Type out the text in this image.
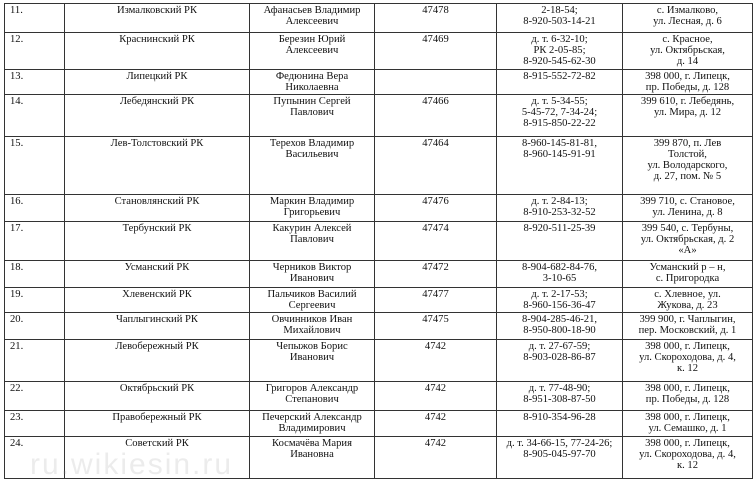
11.	Измалковский РК	Афанасьев Владимир
Алексеевич	47478	2-18-54;
8-920-503-14-21	с. Измалково,
ул. Лесная, д. 6

12.	Краснинский РК	Березин Юрий
Алексеевич	47469	д. т. 6-32-10;
РК 2-05-85;
8-920-545-62-30	с. Красное,
ул. Октябрьская,
д. 14

13.	Липецкий РК	Федюнина Вера
Николаевна		8-915-552-72-82	398 000, г. Липецк,
пр. Победы, д. 128

14.	Лебедянский РК	Пупынин Сергей
Павлович	47466	д. т. 5-34-55;
5-45-72, 7-34-24;
8-915-850-22-22	399 610, г. Лебедянь,
ул. Мира, д. 12

15.	Лев-Толстовский РК	Терехов Владимир
Васильевич	47464	8-960-145-81-81,
8-960-145-91-91	399 870, п. Лев
Толстой,
ул. Володарского,
д. 27, пом. № 5

16.	Становлянский РК	Маркин Владимир
Григорьевич	47476	д. т. 2-84-13;
8-910-253-32-52	399 710, с. Становое,
ул. Ленина, д. 8

17.	Тербунский РК	Какурин Алексей
Павлович	47474	8-920-511-25-39	399 540, с. Тербуны,
ул. Октябрьская, д. 2
«А»

18.	Усманский РК	Черников Виктор
Иванович	47472	8-904-682-84-76,
3-10-65	Усманский р – н,
с. Пригородка

19.	Хлевенский РК	Пальчиков Василий
Сергеевич	47477	д. т. 2-17-53;
8-960-156-36-47	с. Хлевное, ул.
Жукова, д. 23

20.	Чаплыгинский РК	Овчинников Иван
Михайлович	47475	8-904-285-46-21,
8-950-800-18-90	399 900, г. Чаплыгин,
пер. Московский, д. 1

21.	Левобережный РК	Чепыжов Борис
Иванович	4742	д. т. 27-67-59;
8-903-028-86-87	398 000, г. Липецк,
ул. Скороходова, д. 4,
к. 12

22.	Октябрьский РК	Григоров Александр
Степанович	4742	д. т. 77-48-90;
8-951-308-87-50	398 000, г. Липецк,
пр. Победы, д. 128

23.	Правобережный РК	Печерский Александр
Владимирович	4742	8-910-354-96-28	398 000, г. Липецк,
ул. Семашко, д. 1

24.	Советский РК	Космачёва Мария
Ивановна	4742	д. т. 34-66-15, 77-24-26;
8-905-045-97-70	398 000, г. Липецк,
ул. Скороходова, д. 4,
к. 12
ru.wikiesin.ru
